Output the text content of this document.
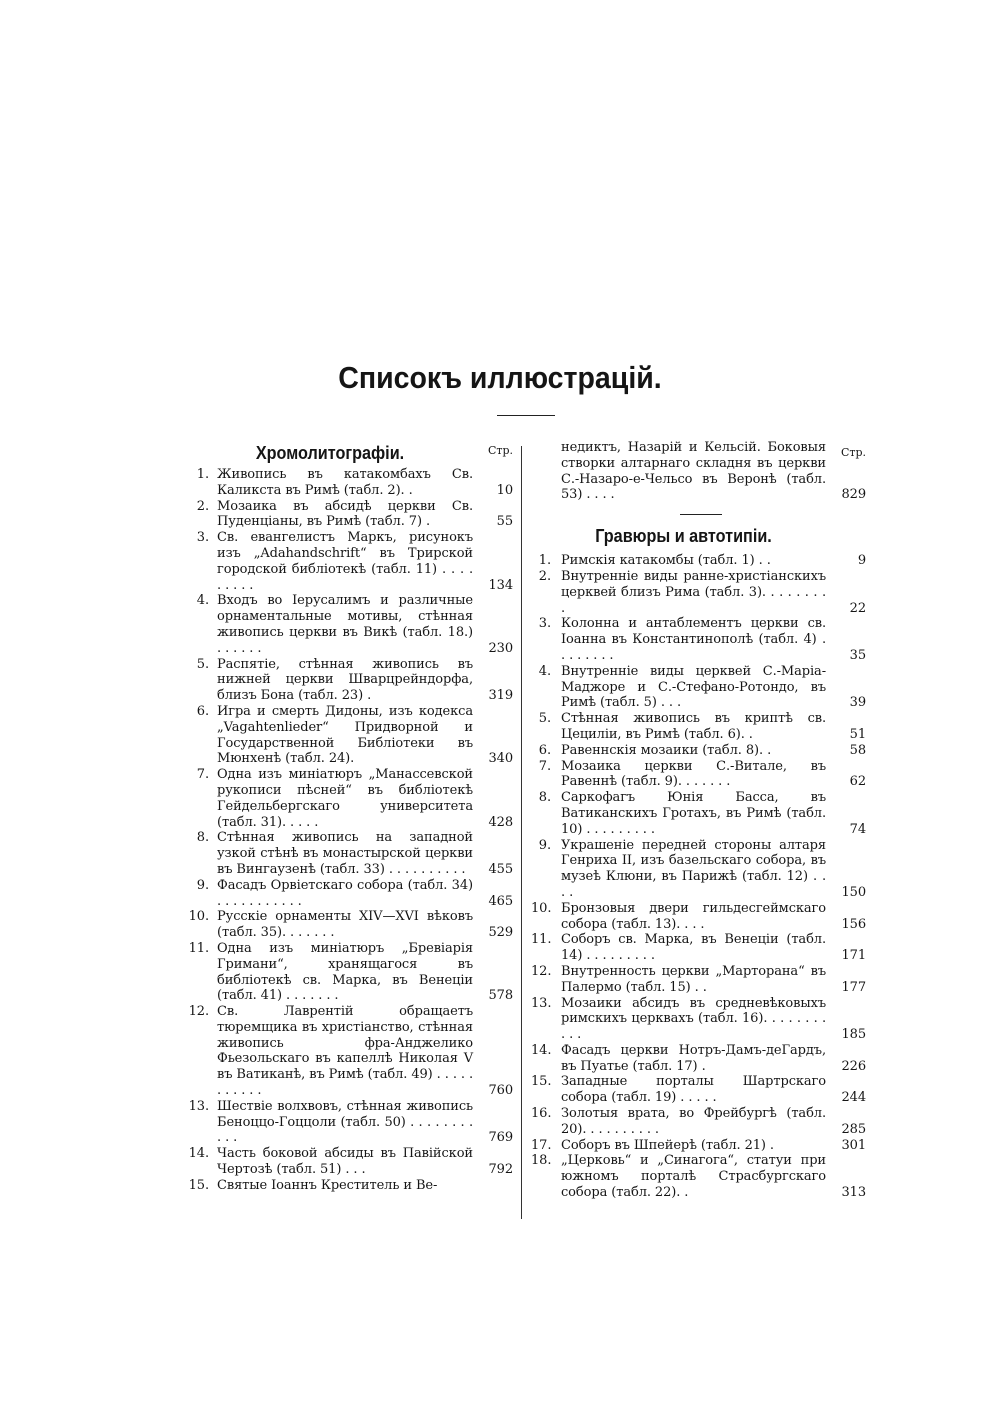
Списокъ иллюстрацій.
Хромолитографіи.	Стр.
1. Живопись въ катакомбахъ Св. Каликста въ Римѣ (табл. 2). .	10
2. Мозаика въ абсидѣ церкви Св. Пуденціаны, въ Римѣ (табл. 7) .	55
3. Св. евангелистъ Маркъ, рисунокъ изъ „Adahandschrift“ въ Трирской городской библіотекѣ (табл. 11) . . . . . . . . .	134
4. Входъ во Іерусалимъ и различные орнаментальные мотивы, стѣнная живопись церкви въ Викѣ (табл. 18.) . . . . . .	230
5. Распятіе, стѣнная живопись въ нижней церкви Шварцрейндорфа, близъ Бона (табл. 23) .	319
6. Игра и смерть Дидоны, изъ кодекса „Vagahtenlieder“ Придворной и Государственной Библіотеки въ Мюнхенѣ (табл. 24).	340
7. Одна изъ миніатюръ „Манассевской рукописи пѣсней“ въ библіотекѣ Гейдельбергскаго университета (табл. 31). . . . .	428
8. Стѣнная живопись на западной узкой стѣнѣ въ монастырской церкви въ Вингаузенѣ (табл. 33) . . . . . . . . . .	455
9. Фасадъ Орвіетскаго собора (табл. 34) . . . . . . . . . . .	465
10. Русскіе орнаменты XIV—XVI вѣковъ (табл. 35). . . . . . .	529
11. Одна изъ миніатюръ „Бревіарія Гримани“, хранящагося въ библіотекѣ св. Марка, въ Венеціи (табл. 41) . . . . . . .	578
12. Св. Лаврентій обращаетъ тюремщика въ христіанство, стѣнная живопись фра-Анджелико Фьезольскаго въ капеллѣ Николая V въ Ватиканѣ, въ Римѣ (табл. 49) . . . . . . . . . . .	760
13. Шествіе волхвовъ, стѣнная живопись Беноццо-Гоццоли (табл. 50) . . . . . . . . . . .	769
14. Часть боковой абсиды въ Павійской Чертозѣ (табл. 51) . . .	792
15. Святые Іоаннъ Креститель и Ве-
Стр.
недиктъ, Назарій и Кельсій. Боковыя створки алтарнаго складня въ церкви С.-Назаро-е-Чельсо въ Веронѣ (табл. 53) . . . .	829
Гравюры и автотипіи.
1. Римскія катакомбы (табл. 1) . .	9
2. Внутренніе виды ранне-христіанскихъ церквей близъ Рима (табл. 3). . . . . . . . .	22
3. Колонна и антаблементъ церкви св. Іоанна въ Константинополѣ (табл. 4) . . . . . . . .	35
4. Внутренніе виды церквей С.-Маріа-Маджоре и С.-Стефано-Ротондо, въ Римѣ (табл. 5) . . .	39
5. Стѣнная живопись въ криптѣ св. Цециліи, въ Римѣ (табл. 6). .	51
6. Равеннскія мозаики (табл. 8). .	58
7. Мозаика церкви С.-Витале, въ Равеннѣ (табл. 9). . . . . . .	62
8. Саркофагъ Юнія Басса, въ Ватиканскихъ Гротахъ, въ Римѣ (табл. 10) . . . . . . . . .	74
9. Украшеніе передней стороны алтаря Генриха II, изъ базельскаго собора, въ музеѣ Клюни, въ Парижѣ (табл. 12) . . . .	150
10. Бронзовыя двери гильдесгеймскаго собора (табл. 13). . . .	156
11. Соборъ св. Марка, въ Венеціи (табл. 14) . . . . . . . . .	171
12. Внутренность церкви „Марторана“ въ Палермо (табл. 15) . .	177
13. Мозаики абсидъ въ средневѣковыхъ римскихъ церквахъ (табл. 16). . . . . . . . . . .	185
14. Фасадъ церкви Нотръ-Дамъ-деГардъ, въ Пуатье (табл. 17) .	226
15. Западные порталы Шартрскаго собора (табл. 19) . . . . .	244
16. Золотыя врата, во Фрейбургѣ (табл. 20). . . . . . . . . .	285
17. Соборъ въ Шпейерѣ (табл. 21) .	301
18. „Церковь“ и „Синагога“, статуи при южномъ порталѣ Страсбургскаго собора (табл. 22). .	313
